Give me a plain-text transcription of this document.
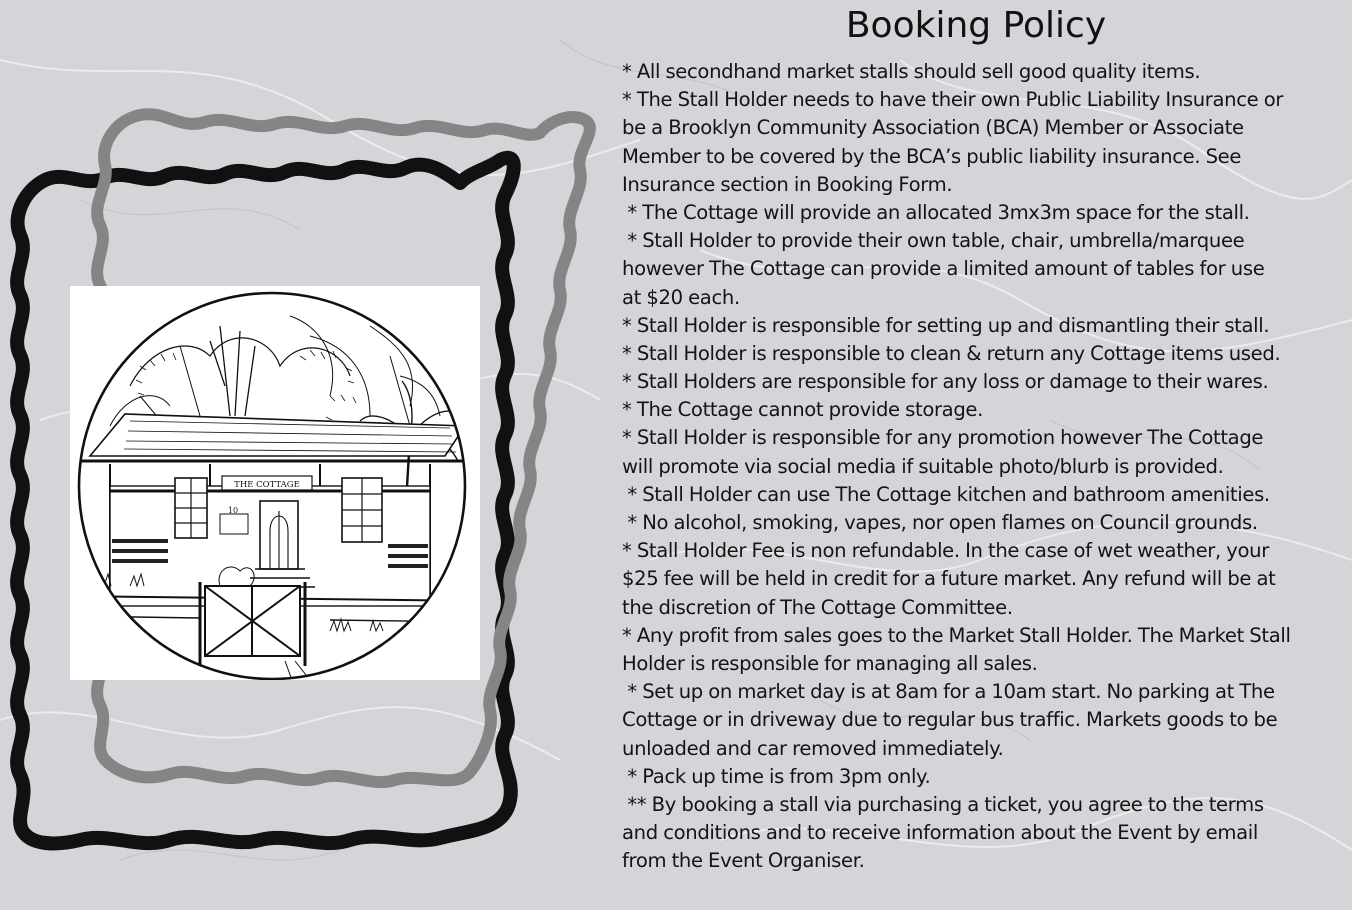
THE COTTAGE
10
Booking Policy
* All secondhand market stalls should sell good quality items.
* The Stall Holder needs to have their own Public Liability Insurance or
be a Brooklyn Community Association (BCA) Member or Associate
Member to be covered by the BCA’s public liability insurance. See
Insurance section in Booking Form.
* The Cottage will provide an allocated 3mx3m space for the stall.
* Stall Holder to provide their own table, chair, umbrella/marquee
however The Cottage can provide a limited amount of tables for use
at $20 each.
* Stall Holder is responsible for setting up and dismantling their stall.
* Stall Holder is responsible to clean & return any Cottage items used.
* Stall Holders are responsible for any loss or damage to their wares.
* The Cottage cannot provide storage.
* Stall Holder is responsible for any promotion however The Cottage
will promote via social media if suitable photo/blurb is provided.
* Stall Holder can use The Cottage kitchen and bathroom amenities.
* No alcohol, smoking, vapes, nor open flames on Council grounds.
* Stall Holder Fee is non refundable. In the case of wet weather, your
$25 fee will be held in credit for a future market. Any refund will be at
the discretion of The Cottage Committee.
* Any profit from sales goes to the Market Stall Holder. The Market Stall
Holder is responsible for managing all sales.
* Set up on market day is at 8am for a 10am start. No parking at The
Cottage or in driveway due to regular bus traffic. Markets goods to be
unloaded and car removed immediately.
* Pack up time is from 3pm only.
** By booking a stall via purchasing a ticket, you agree to the terms
and conditions and to receive information about the Event by email
from the Event Organiser.
